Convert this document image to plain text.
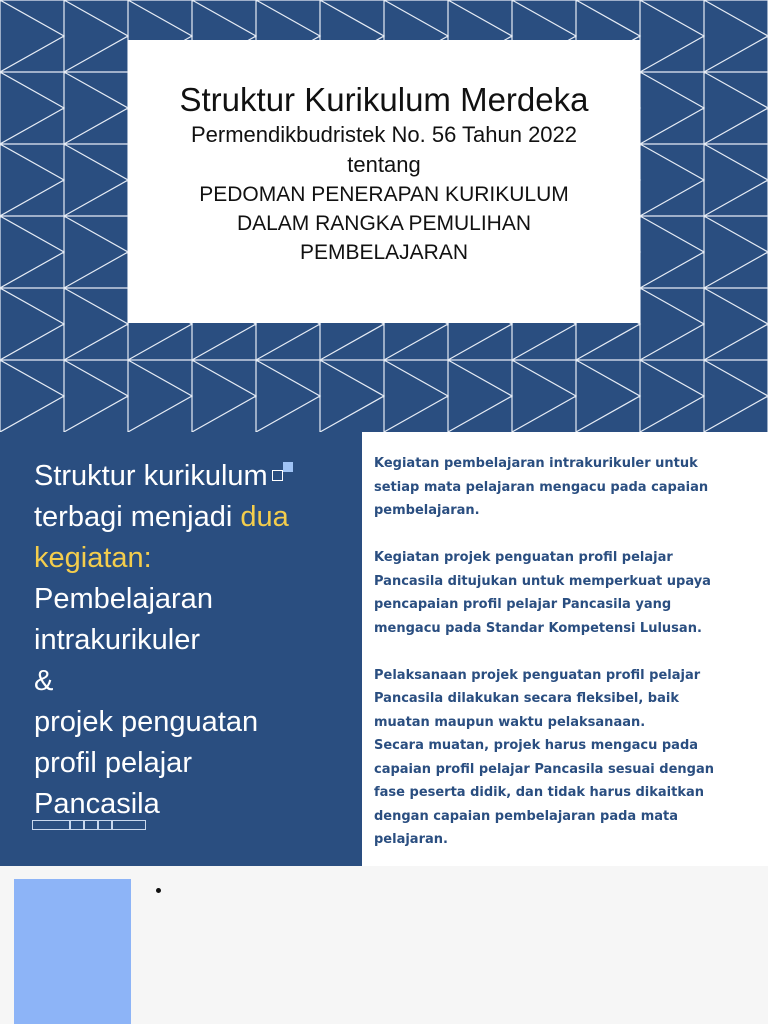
Struktur Kurikulum Merdeka
Permendikbudristek No. 56 Tahun 2022
tentang
PEDOMAN PENERAPAN KURIKULUM
DALAM RANGKA PEMULIHAN
PEMBELAJARAN
Struktur kurikulum
terbagi menjadi dua
kegiatan:
Pembelajaran
intrakurikuler
&
projek penguatan
profil pelajar
Pancasila

Kegiatan pembelajaran intrakurikuler untuk setiap mata pelajaran mengacu pada capaian pembelajaran.

Kegiatan projek penguatan profil pelajar Pancasila ditujukan untuk memperkuat upaya pencapaian profil pelajar Pancasila yang mengacu pada Standar Kompetensi Lulusan.

Pelaksanaan projek penguatan profil pelajar Pancasila dilakukan secara fleksibel, baik muatan maupun waktu pelaksanaan.

Secara muatan, projek harus mengacu pada capaian profil pelajar Pancasila sesuai dengan fase peserta didik, dan tidak harus dikaitkan dengan capaian pembelajaran pada mata pelajaran.
